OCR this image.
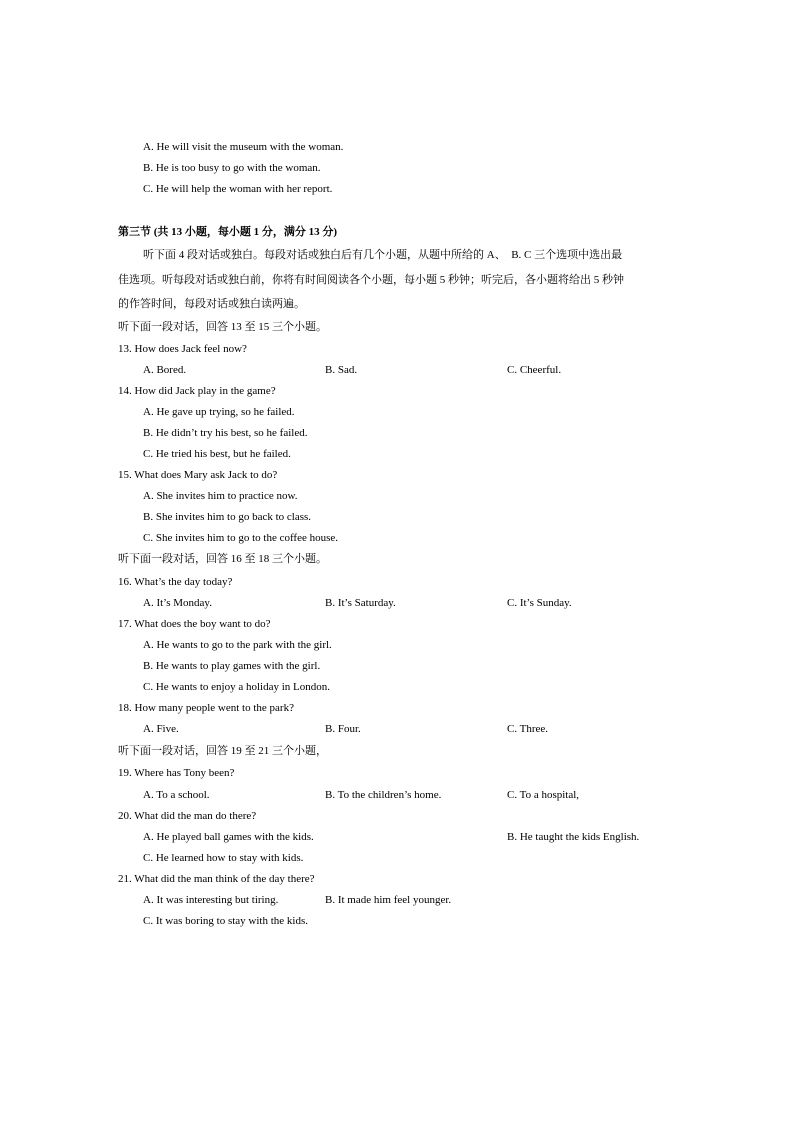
A. He will visit the museum with the woman.
B. He is too busy to go with the woman.
C. He will help the woman with her report.
第三节 (共 13 小题，每小题 1 分，满分 13 分)
听下面 4 段对话或独白。每段对话或独白后有几个小题，从题中所给的 A、　B. C 三个选项中选出最
佳选项。听每段对话或独白前，你将有时间阅读各个小题，每小题 5 秒钟；听完后，各小题将给出 5 秒钟
的作答时间，每段对话或独白读两遍。
听下面一段对话，回答 13 至 15 三个小题。
13. How does Jack feel now?
A. Bored.	B. Sad.	C. Cheerful.
14. How did Jack play in the game?
A. He gave up trying, so he failed.
B. He didn’t try his best, so he failed.
C. He tried his best, but he failed.
15. What does Mary ask Jack to do?
A. She invites him to practice now.
B. She invites him to go back to class.
C. She invites him to go to the coffee house.
听下面一段对话，回答 16 至 18 三个小题。
16. What’s the day today?
A. It’s Monday.	B. It’s Saturday.	C. It’s Sunday.
17. What does the boy want to do?
A. He wants to go to the park with the girl.
B. He wants to play games with the girl.
C. He wants to enjoy a holiday in London.
18. How many people went to the park?
A. Five.	B. Four.	C. Three.
听下面一段对话，回答 19 至 21 三个小题，
19. Where has Tony been?
A. To a school.	B. To the children’s home.	C. To a hospital,
20. What did the man do there?
A. He played ball games with the kids.	B. He taught the kids English.
C. He learned how to stay with kids.
21. What did the man think of the day there?
A. It was interesting but tiring.	B. It made him feel younger.
C. It was boring to stay with the kids.
